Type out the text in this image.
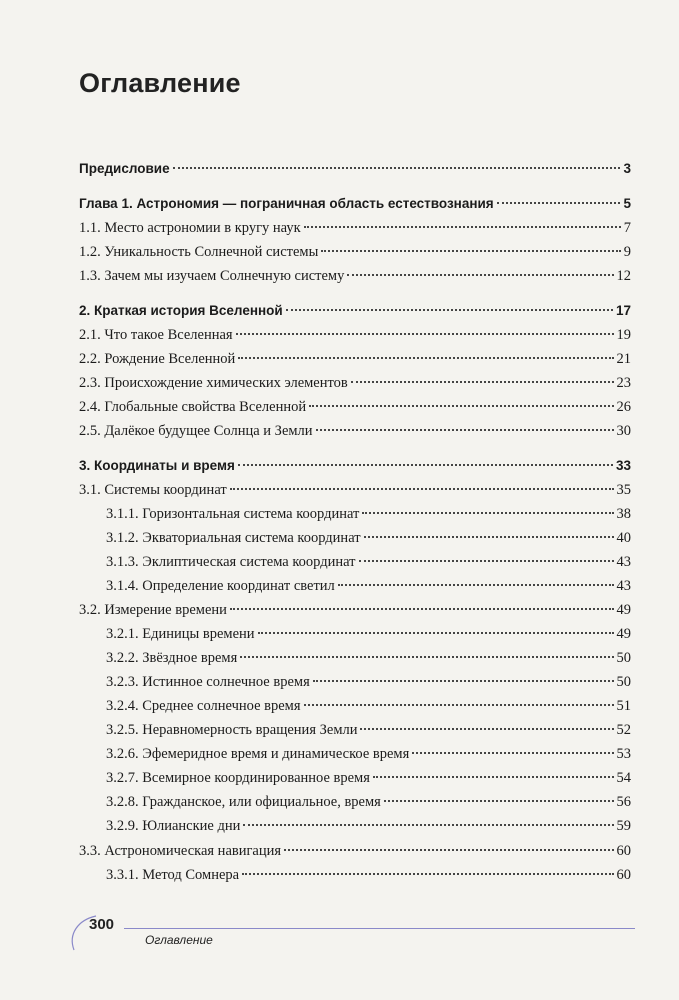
Оглавление
Предисловие	3
Глава 1. Астрономия — пограничная область естествознания	5
1.1. Место астрономии в кругу наук	7
1.2. Уникальность Солнечной системы	9
1.3. Зачем мы изучаем Солнечную систему	12
2. Краткая история Вселенной	17
2.1. Что такое Вселенная	19
2.2. Рождение Вселенной	21
2.3. Происхождение химических элементов	23
2.4. Глобальные свойства Вселенной	26
2.5. Далёкое будущее Солнца и Земли	30
3. Координаты и время	33
3.1. Системы координат	35
3.1.1. Горизонтальная система координат	38
3.1.2. Экваториальная система координат	40
3.1.3. Эклиптическая система координат	43
3.1.4. Определение координат светил	43
3.2. Измерение времени	49
3.2.1. Единицы времени	49
3.2.2. Звёздное время	50
3.2.3. Истинное солнечное время	50
3.2.4. Среднее солнечное время	51
3.2.5. Неравномерность вращения Земли	52
3.2.6. Эфемеридное время и динамическое время	53
3.2.7. Всемирное координированное время	54
3.2.8. Гражданское, или официальное, время	56
3.2.9. Юлианские дни	59
3.3. Астрономическая навигация	60
3.3.1. Метод Сомнера	60
300
Оглавление
